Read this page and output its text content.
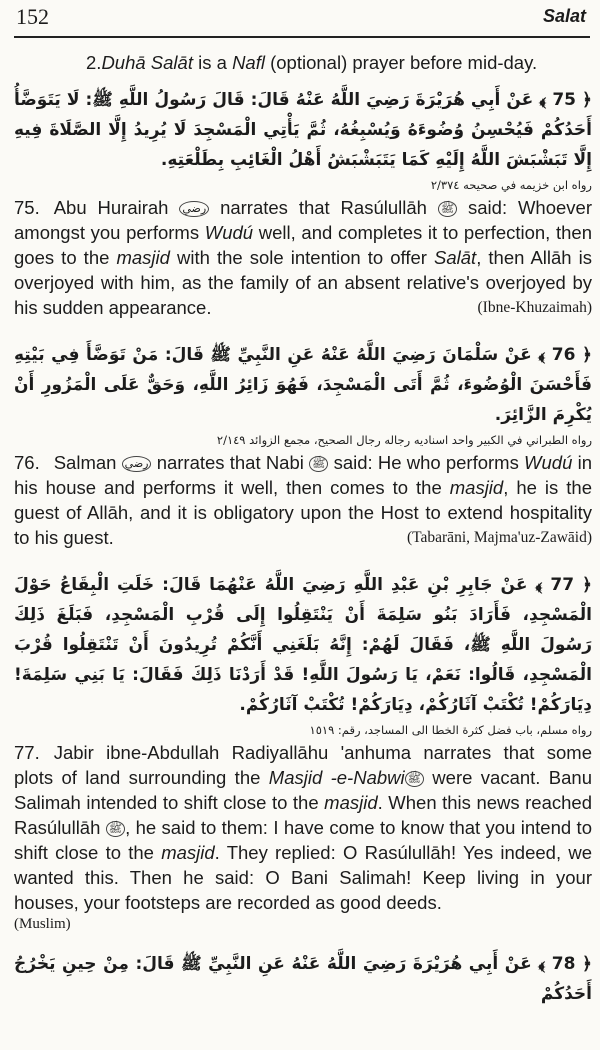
152	Salat

2.Duhā Salāt is a Nafl (optional) prayer before mid-day.

﴿ 75 ﴾ عَنْ أَبِي هُرَيْرَةَ رَضِيَ اللَّهُ عَنْهُ قَالَ: قَالَ رَسُولُ اللَّهِ ﷺ: لَا يَتَوَضَّأُ أَحَدُكُمْ فَيُحْسِنُ وُضُوءَهُ وَيُسْبِغُهُ، ثُمَّ يَأْتِي الْمَسْجِدَ لَا يُرِيدُ إِلَّا الصَّلَاةَ فِيهِ إِلَّا تَبَشْبَشَ اللَّهُ إِلَيْهِ كَمَا يَتَبَشْبَشُ أَهْلُ الْغَائِبِ بِطَلْعَتِهِ.

رواه ابن خزيمه في صحيحه ٢/٣٧٤

75. Abu Hurairah رضي narrates that Rasúlullāh ﷺ said: Whoever amongst you performs Wudú well, and completes it to perfection, then goes to the masjid with the sole intention to offer Salāt, then Allāh is overjoyed with him, as the family of an absent relative's overjoyed by his sudden appearance.	(Ibne-Khuzaimah)

﴿ 76 ﴾ عَنْ سَلْمَانَ رَضِيَ اللَّهُ عَنْهُ عَنِ النَّبِيِّ ﷺ قَالَ: مَنْ تَوَضَّأَ فِي بَيْتِهِ فَأَحْسَنَ الْوُضُوءَ، ثُمَّ أَتَى الْمَسْجِدَ، فَهُوَ زَائِرُ اللَّهِ، وَحَقٌّ عَلَى الْمَزُورِ أَنْ يُكْرِمَ الزَّائِرَ.

رواه الطبراني في الكبير واحد اسناديه رجاله رجال الصحيح، مجمع الزوائد ٢/١٤٩

76. Salman رضي narrates that Nabi ﷺ said: He who performs Wudú in his house and performs it well, then comes to the masjid, he is the guest of Allāh, and it is obligatory upon the Host to extend hospitality to his guest.	(Tabarāni, Majma'uz-Zawāid)

﴿ 77 ﴾ عَنْ جَابِرِ بْنِ عَبْدِ اللَّهِ رَضِيَ اللَّهُ عَنْهُمَا قَالَ: خَلَتِ الْبِقَاعُ حَوْلَ الْمَسْجِدِ، فَأَرَادَ بَنُو سَلِمَةَ أَنْ يَنْتَقِلُوا إِلَى قُرْبِ الْمَسْجِدِ، فَبَلَغَ ذَلِكَ رَسُولَ اللَّهِ ﷺ، فَقَالَ لَهُمْ: إِنَّهُ بَلَغَنِي أَنَّكُمْ تُرِيدُونَ أَنْ تَنْتَقِلُوا قُرْبَ الْمَسْجِدِ، قَالُوا: نَعَمْ، يَا رَسُولَ اللَّهِ! قَدْ أَرَدْنَا ذَلِكَ فَقَالَ: يَا بَنِي سَلِمَةَ! دِيَارَكُمْ! تُكْتَبْ آثَارُكُمْ، دِيَارَكُمْ! تُكْتَبْ آثَارُكُمْ.

رواه مسلم، باب فضل كثرة الخطا الى المساجد، رقم: ١٥١٩

77. Jabir ibne-Abdullah Radiyallāhu 'anhuma narrates that some plots of land surrounding the Masjid -e-Nabwi ﷺ were vacant. Banu Salimah intended to shift close to the masjid. When this news reached Rasúlullāh ﷺ , he said to them: I have come to know that you intend to shift close to the masjid. They replied: O Rasúlullāh! Yes indeed, we wanted this. Then he said: O Bani Salimah! Keep living in your houses, your footsteps are recorded as good deeds.

(Muslim)

﴿ 78 ﴾ عَنْ أَبِي هُرَيْرَةَ رَضِيَ اللَّهُ عَنْهُ عَنِ النَّبِيِّ ﷺ قَالَ: مِنْ حِينِ يَخْرُجُ أَحَدُكُمْ
